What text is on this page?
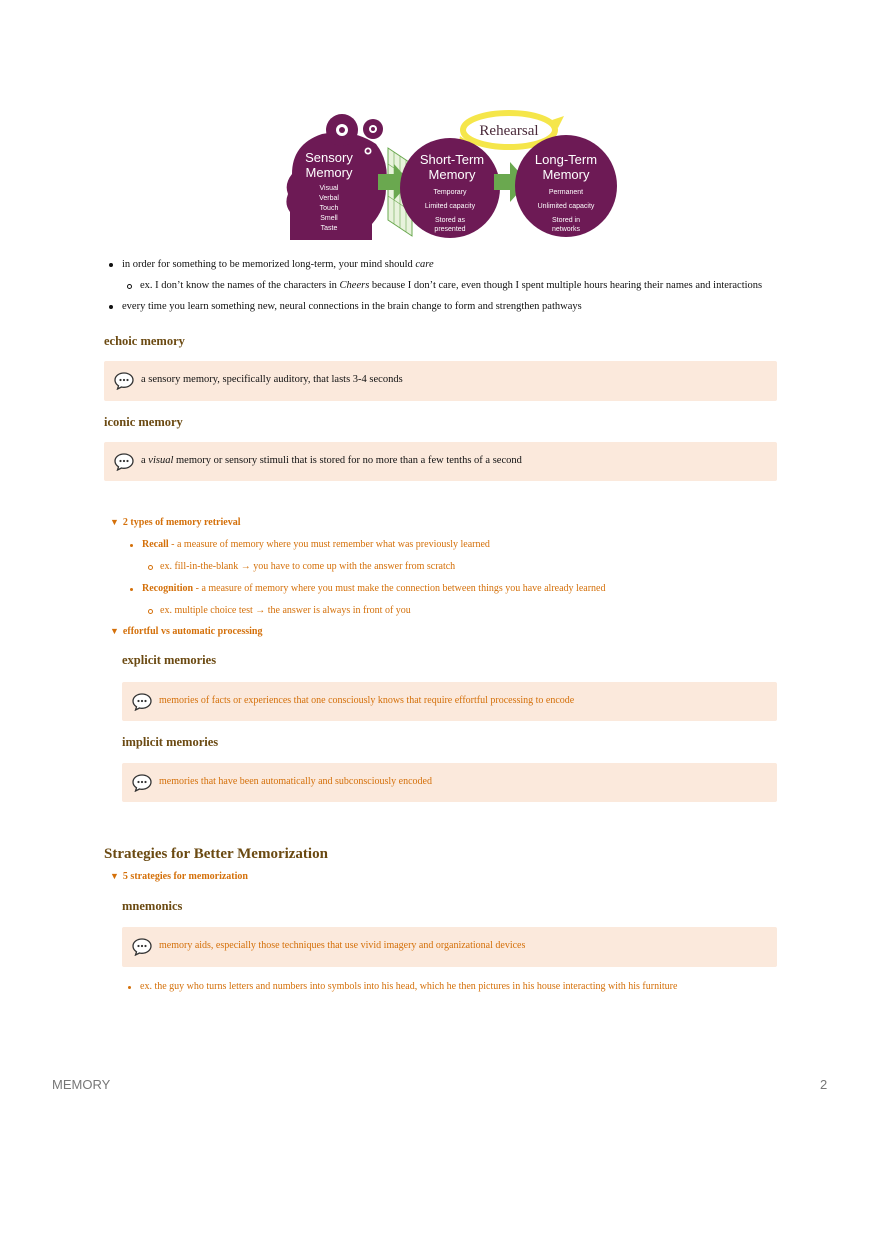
Rehearsal
Sensory
Memory
Visual
Verbal
Touch
Smell
Taste
Short-Term
Memory
Temporary
Limited capacity
Stored as
presented
Long-Term
Memory
Permanent
Unlimited capacity
Stored in
networks
in order for something to be memorized long-term, your mind should care
ex. I don’t know the names of the characters in Cheers because I don’t care, even though I spent multiple hours hearing their names and interactions
every time you learn something new, neural connections in the brain change to form and strengthen pathways
echoic memory
a sensory memory, specifically auditory, that lasts 3-4 seconds
iconic memory
a visual memory or sensory stimuli that is stored for no more than a few tenths of a second
▼ 2 types of memory retrieval
Recall - a measure of memory where you must remember what was previously learned
ex. fill-in-the-blank → you have to come up with the answer from scratch
Recognition - a measure of memory where you must make the connection between things you have already learned
ex. multiple choice test → the answer is always in front of you
▼ effortful vs automatic processing
explicit memories
memories of facts or experiences that one consciously knows that require effortful processing to encode
implicit memories
memories that have been automatically and subconsciously encoded
Strategies for Better Memorization
▼ 5 strategies for memorization
mnemonics
memory aids, especially those techniques that use vivid imagery and organizational devices
ex. the guy who turns letters and numbers into symbols into his head, which he then pictures in his house interacting with his furniture
MEMORY	2
